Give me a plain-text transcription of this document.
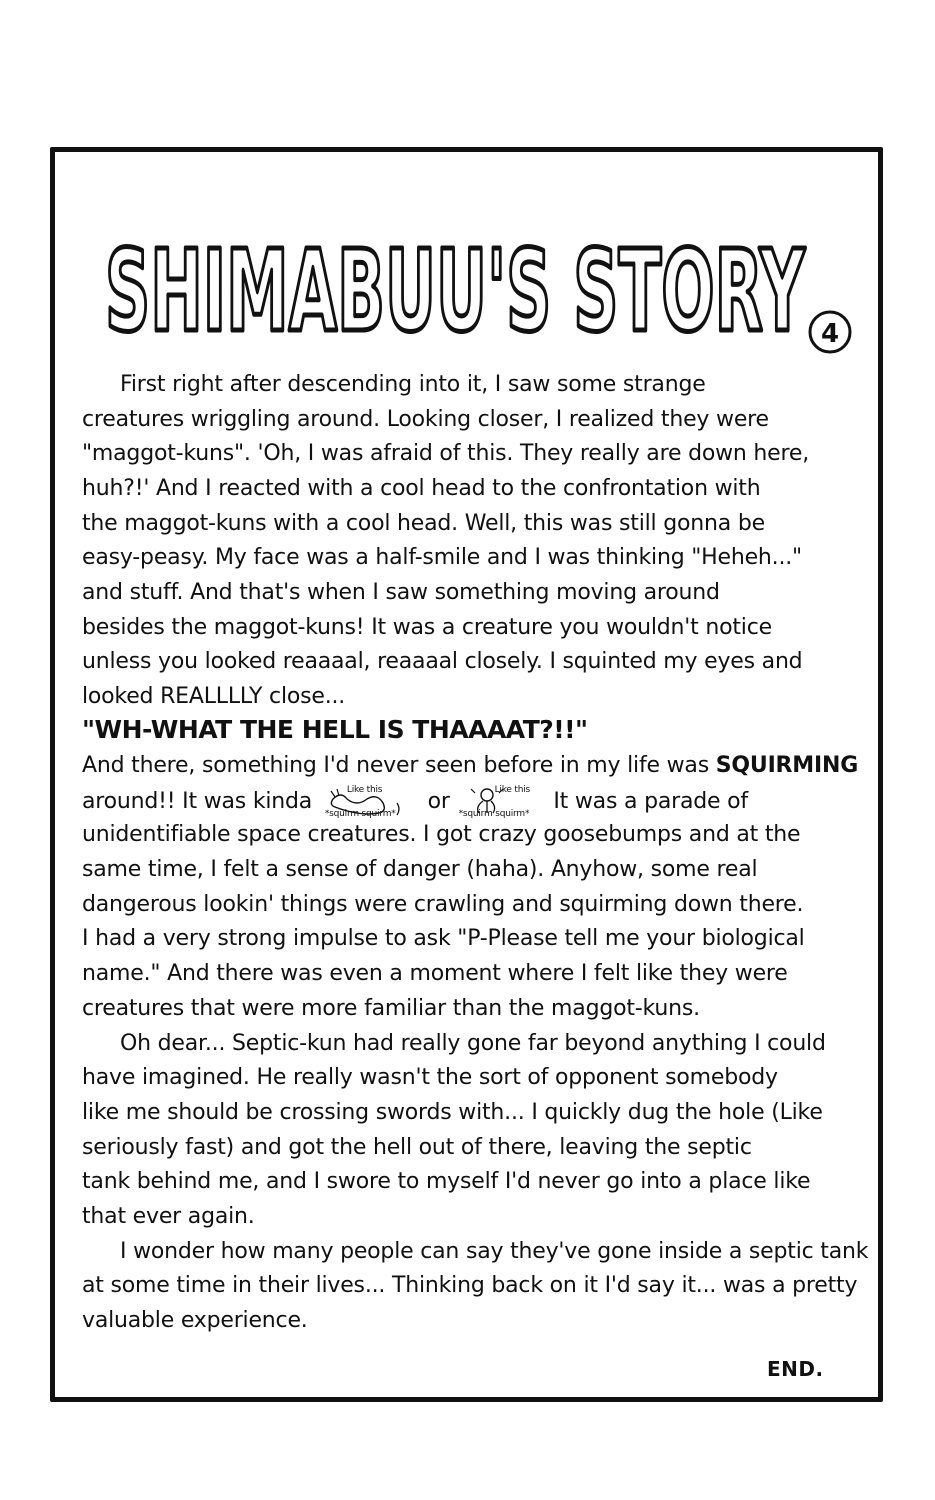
SHIMABUU'S STORY 4
First right after descending into it, I saw some strange
creatures wriggling around. Looking closer, I realized they were
"maggot-kuns". 'Oh, I was afraid of this. They really are down here,
huh?!' And I reacted with a cool head to the confrontation with
the maggot-kuns with a cool head. Well, this was still gonna be
easy-peasy. My face was a half-smile and I was thinking "Heheh..."
and stuff. And that's when I saw something moving around
besides the maggot-kuns! It was a creature you wouldn't notice
unless you looked reaaaal, reaaaal closely. I squinted my eyes and
looked REALLLLY close...
"WH-WHAT THE HELL IS THAAAAT?!!"
And there, something I'd never seen before in my life was SQUIRMING
around!! It was kinda	Like this
*squirm squirm* or	Like this
*squirm squirm* It was a parade of
unidentifiable space creatures. I got crazy goosebumps and at the
same time, I felt a sense of danger (haha). Anyhow, some real
dangerous lookin' things were crawling and squirming down there.
I had a very strong impulse to ask "P-Please tell me your biological
name." And there was even a moment where I felt like they were
creatures that were more familiar than the maggot-kuns.
Oh dear... Septic-kun had really gone far beyond anything I could
have imagined. He really wasn't the sort of opponent somebody
like me should be crossing swords with... I quickly dug the hole (Like
seriously fast) and got the hell out of there, leaving the septic
tank behind me, and I swore to myself I'd never go into a place like
that ever again.
I wonder how many people can say they've gone inside a septic tank
at some time in their lives... Thinking back on it I'd say it... was a pretty
valuable experience.
END.
